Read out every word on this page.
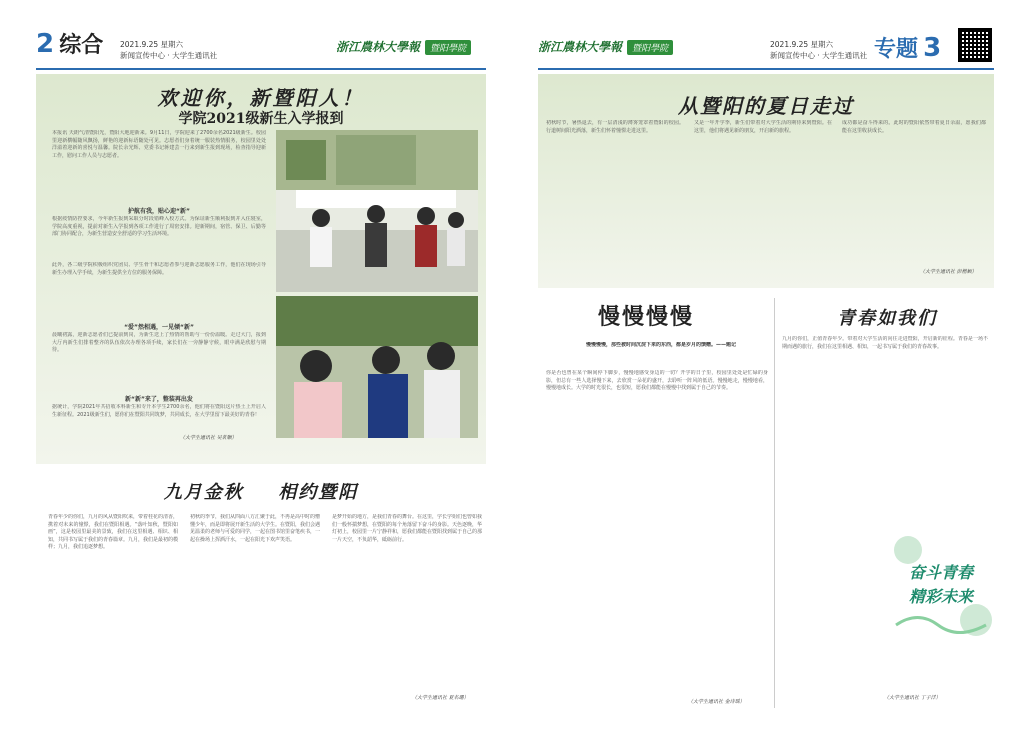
2 综合 2021.9.25 星期六
新闻宣传中心 · 大学生通讯社
浙江農林大學報 暨阳學院
欢迎你，新暨阳人！
学院2021级新生入学报到
本报讯 天朗气清暨阳光，暨阳大地迎新来。9月11日，学院迎来了2700余名2021级新生。校园里迎新横幅随风飘扬，鲜艳的迎新标语随处可见。志愿者们身着统一服装热情服务，校园里处处洋溢着迎新的喜悦与温馨。院长余光辉、党委书记蒋建芸一行来到新生报到现场，检查指导迎新工作，慰问工作人员与志愿者。
护航有我，贴心迎“新”
根据疫情防控要求，今年新生报到采取分时段错峰入校方式。为保证新生顺利报到并入住寝室，学院高度重视，提前对新生入学报到各项工作进行了周密安排。迎新期间，宿管、保卫、后勤等部门协同配合，为新生营造安全舒适的学习生活环境。
此外，各二级学院积极组织党团员、学生骨干和志愿者参与迎新志愿服务工作，他们在现场引导新生办理入学手续，为新生提供全方位的服务保障。
“爱”然相遇，一见倾“新”
晨曦初露，迎新志愿者们已提前到岗，为新生送上了热情的帮助与一份份温暖。走过大门，报到大厅内新生们排着整齐的队伍依次办理各项手续，家长们在一旁静静守候，眼中满是欣慰与期待。
新“新”来了，整装再出发
据统计，学院2021年共招收本科新生和专升本学生2700余名，他们将在暨阳这片热土上开启人生新征程。2021级新生们，愿你们在暨阳共同筑梦，共同成长，在大学里留下最美好的青春！
（大学生通讯社 吴茗顺）
九月金秋 相约暨阳
青春年少的你们，九月的风从暨阳吹来，带着桂花的清香，携着对未来的憧憬，我们在暨阳相遇。“落叶知秋，暨阳如画”，这是校园里最美的景致，我们在这里相遇、相识、相知，共同书写属于我们的青春篇章。九月，我们是最初的模样；九月，我们追逐梦想。
初秋的季节，我们从四面八方汇聚于此，不再是高中时的懵懂少年，而是即将展开新生活的大学生。在暨阳，我们会遇见温柔的老师与可爱的同学，一起在图书馆里奋笔疾书，一起在操场上挥洒汗水，一起在阳光下欢声笑语。
是梦开始的地方，是我们青春的舞台。在这里，学长学姐们也曾如我们一般怀揣梦想，在暨阳的每个角落留下奋斗的身影。天色逐晚，华灯初上，校园里一片宁静祥和，愿我们都能在暨阳找到属于自己的那一片天空，不负韶华，砥砺前行。
（大学生通讯社 夏名珊）
浙江農林大學報 暨阳學院	2021.9.25 星期六
新闻宣传中心 · 大学生通讯社 专题 3
从暨阳的夏日走过
初秋时节，暑热退去，有一层清浅的薄雾笼罩着暨阳的校园。行道树间阳光洒落，新生们怀着憧憬走进这里。
又是一年开学季，新生们带着对大学生活的期待来到暨阳。在这里，他们将遇见新的朋友，开启新的旅程。
成功都是奋斗得来的。此时的暨阳依然带着夏日余温，愿我们都能在这里收获成长。
（大学生通讯社 彭楷颖）
慢慢慢慢
慢慢慢慢，那些被时间沉淀下来的东西，都是岁月的馈赠。——题记
你是否也曾在某个瞬间停下脚步，慢慢地感受身边的一切？开学的日子里，校园里处处是忙碌的身影，但总有一些人选择慢下来，去欣赏一朵花的盛开，去聆听一阵风的低语。慢慢地走，慢慢地看，慢慢地成长。大学的时光很长，也很短，愿我们都能在慢慢中找到属于自己的节奏。
（大学生通讯社 金诗瑶）
青春如我们
九月的你们，正值青春年少。带着对大学生活的向往走进暨阳，开启新的征程。青春是一场不期而遇的旅行，我们在这里相遇、相知，一起书写属于我们的青春故事。
（大学生通讯社 丁子洋）
奋斗青春
精彩未来
